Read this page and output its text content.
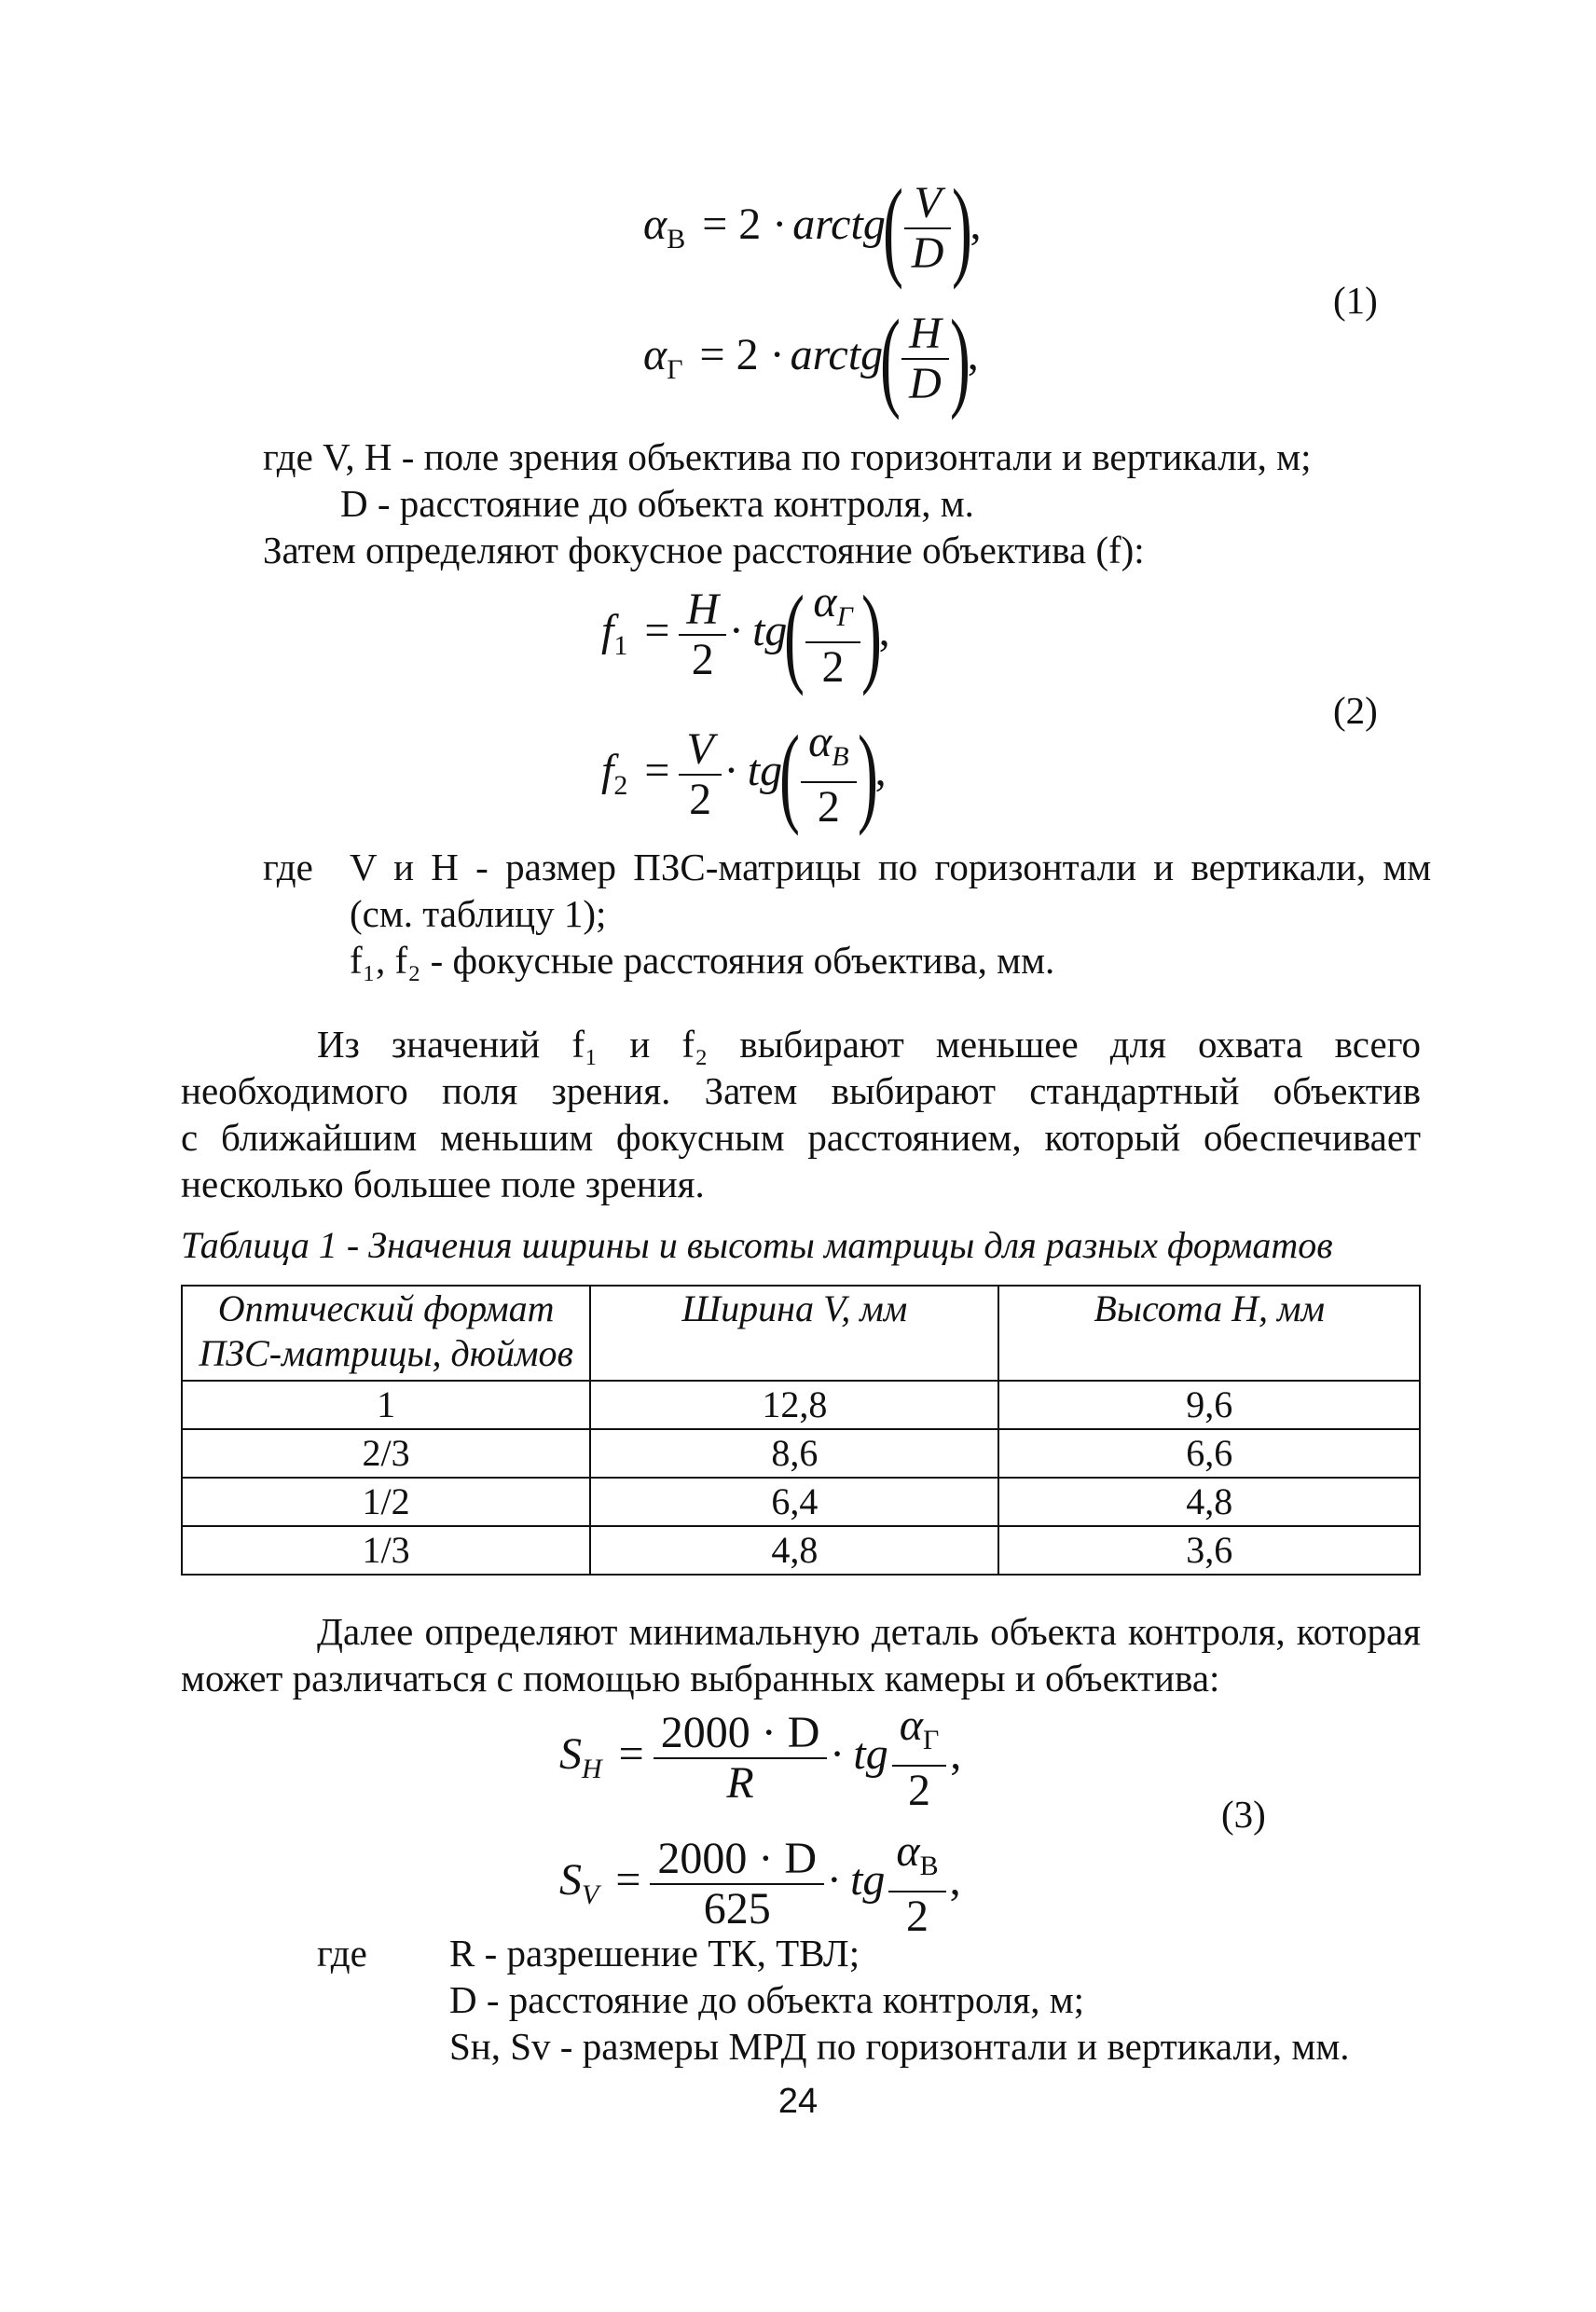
$\alpha_В = 2$ · arctg( $\frac{V}{D}$ ),
$\alpha_Г = 2$ · arctg( $\frac{H}{D}$ ),
(1)
где V, H - поле зрения объектива по горизонтали и вертикали, м;
D - расстояние до объекта контроля, м.
Затем определяют фокусное расстояние объектива (f):
$f_1 = \frac{H}{2} \cdot tg( \frac{\alpha_Г}{2}$ ),
$f_2 = \frac{V}{2} \cdot tg( \frac{\alpha_В}{2}$ ),
(2)
где V и H - размер ПЗС-матрицы по горизонтали и вертикали, мм
(см. таблицу 1);
f₁, f₂ - фокусные расстояния объектива, мм.
Из значений f₁ и f₂ выбирают меньшее для охвата всего
необходимого поля зрения. Затем выбирают стандартный объектив
с ближайшим меньшим фокусным расстоянием, который обеспечивает
несколько большее поле зрения.
Таблица 1 - Значения ширины и высоты матрицы для разных форматов
Оптический формат ПЗС-матрицы, дюймов	Ширина V, мм	Высота H, мм
1	12,8	9,6
2/3	8,6	6,6
1/2	6,4	4,8
1/3	4,8	3,6
Далее определяют минимальную деталь объекта контроля, которая
может различаться с помощью выбранных камеры и объектива:
$S_H = \frac{2000 \cdot D}{R}$ · tg $\frac{\alpha_Г}{2}$ ,
$S_V = \frac{2000 \cdot D}{625}$ · tg $\frac{\alpha_В}{2}$ ,
(3)
где R - разрешение ТК, ТВЛ;
D - расстояние до объекта контроля, м;
Sн, Sv - размеры МРД по горизонтали и вертикали, мм.
24
